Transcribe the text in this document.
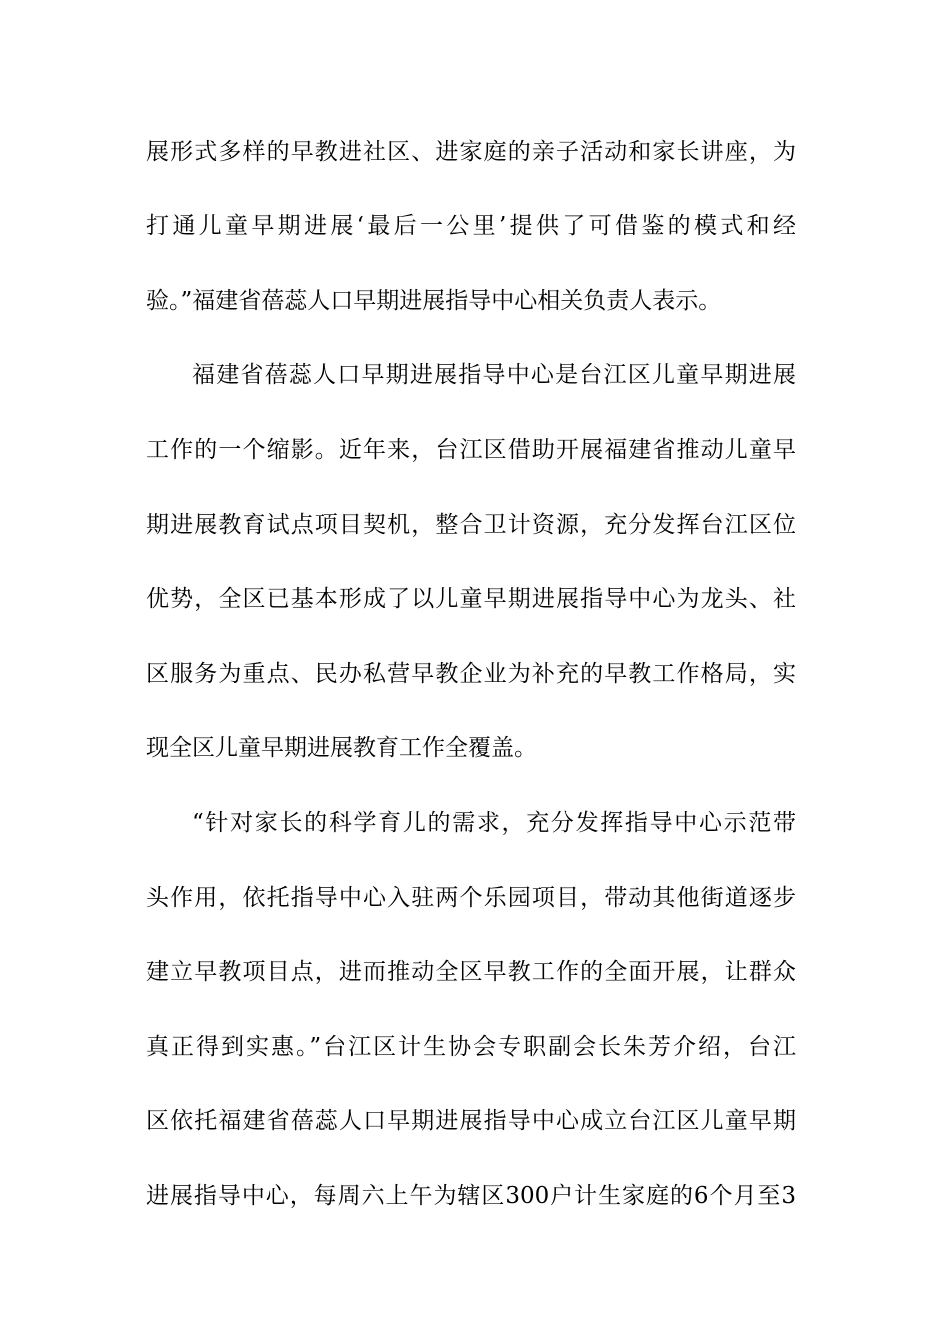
展形式多样的早教进社区、进家庭的亲子活动和家长讲座，为
打通儿童早期进展‘最后一公里’提供了可借鉴的模式和经
验。”福建省蓓蕊人口早期进展指导中心相关负责人表示。
福建省蓓蕊人口早期进展指导中心是台江区儿童早期进展
工作的一个缩影。近年来，台江区借助开展福建省推动儿童早
期进展教育试点项目契机，整合卫计资源，充分发挥台江区位
优势，全区已基本形成了以儿童早期进展指导中心为龙头、社
区服务为重点、民办私营早教企业为补充的早教工作格局，实
现全区儿童早期进展教育工作全覆盖。
“针对家长的科学育儿的需求，充分发挥指导中心示范带
头作用，依托指导中心入驻两个乐园项目，带动其他街道逐步
建立早教项目点，进而推动全区早教工作的全面开展，让群众
真正得到实惠。”台江区计生协会专职副会长朱芳介绍，台江
区依托福建省蓓蕊人口早期进展指导中心成立台江区儿童早期
进展指导中心，每周六上午为辖区300户计生家庭的6个月至3
